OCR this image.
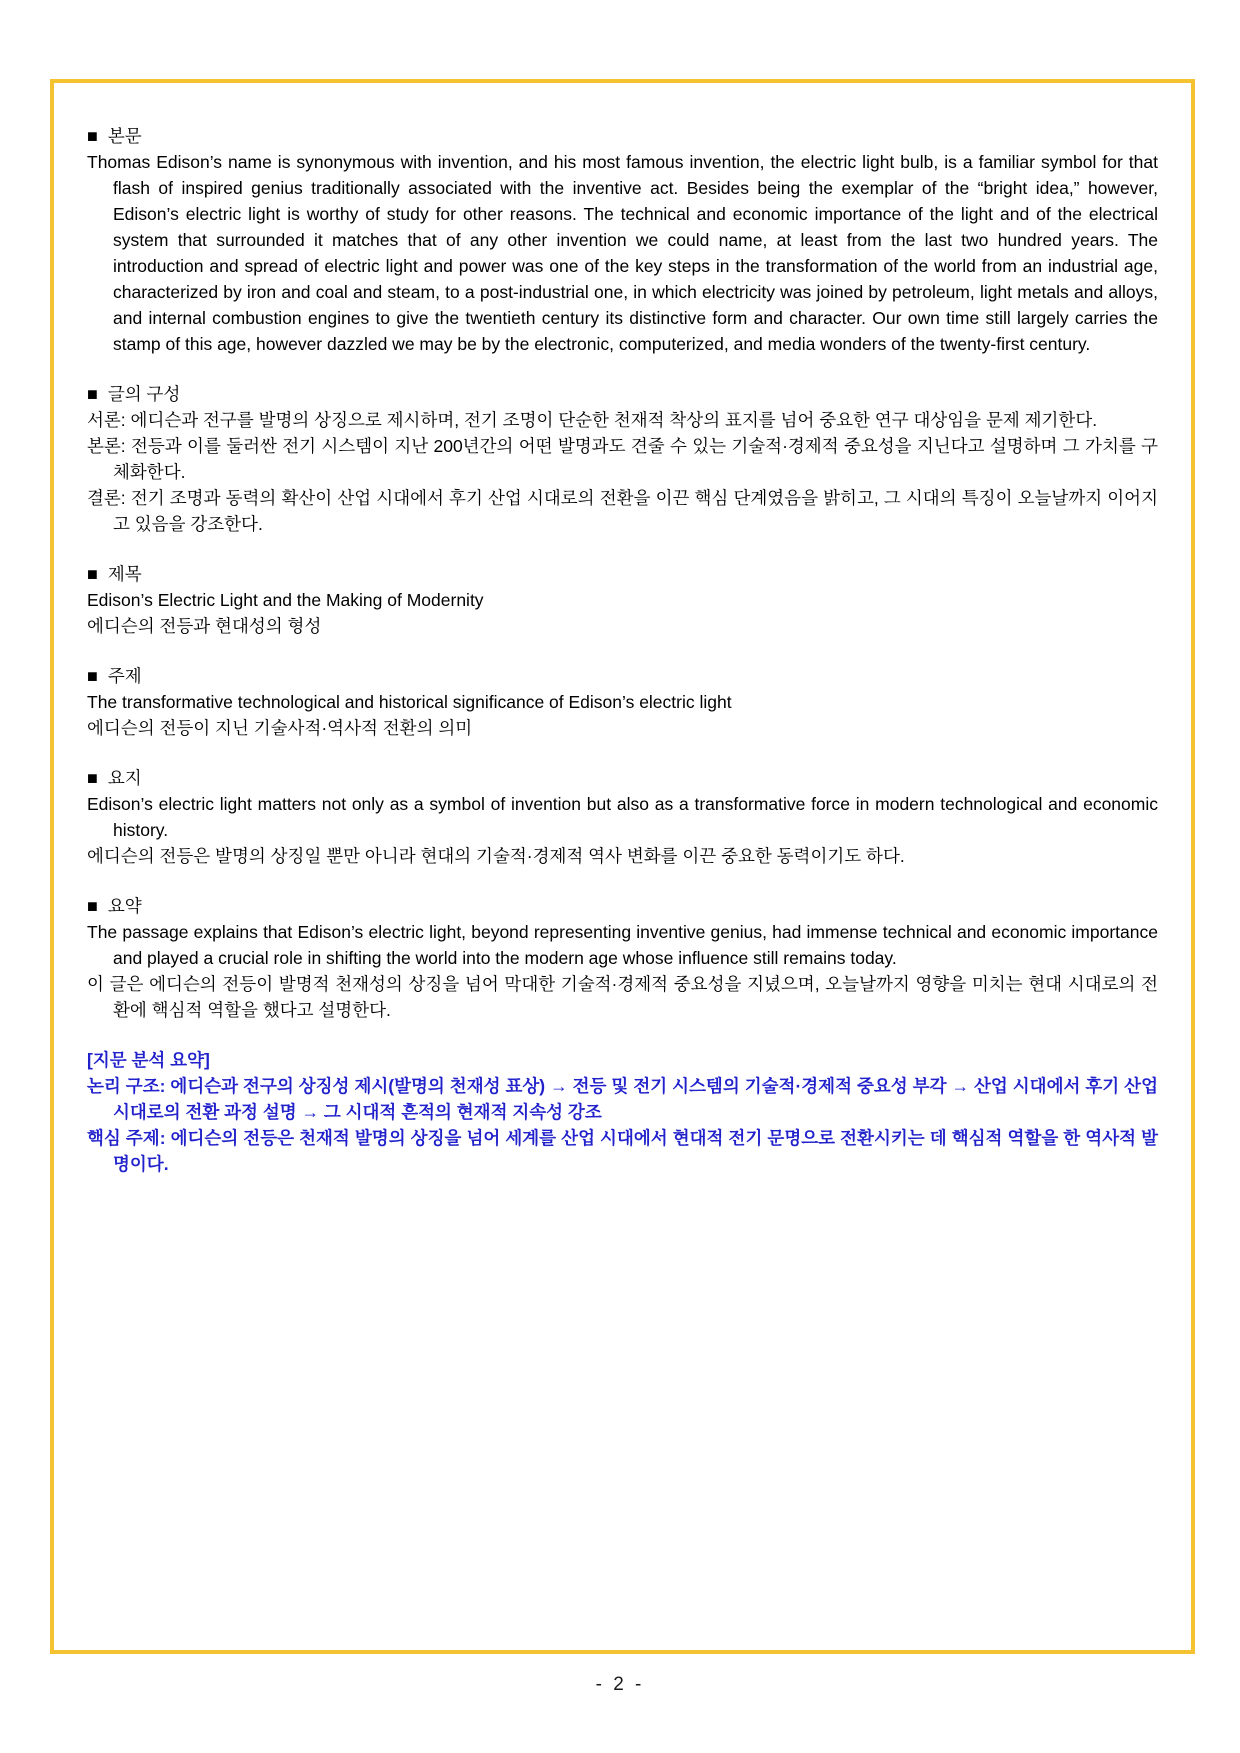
■ 본문

Thomas Edison’s name is synonymous with invention, and his most famous invention, the electric light bulb, is a familiar symbol for that flash of inspired genius traditionally associated with the inventive act. Besides being the exemplar of the “bright idea,” however, Edison’s electric light is worthy of study for other reasons. The technical and economic importance of the light and of the electrical system that surrounded it matches that of any other invention we could name, at least from the last two hundred years. The introduction and spread of electric light and power was one of the key steps in the transformation of the world from an industrial age, characterized by iron and coal and steam, to a post-industrial one, in which electricity was joined by petroleum, light metals and alloys, and internal combustion engines to give the twentieth century its distinctive form and character. Our own time still largely carries the stamp of this age, however dazzled we may be by the electronic, computerized, and media wonders of the twenty-first century.

■ 글의 구성

서론: 에디슨과 전구를 발명의 상징으로 제시하며, 전기 조명이 단순한 천재적 착상의 표지를 넘어 중요한 연구 대상임을 문제 제기한다.

본론: 전등과 이를 둘러싼 전기 시스템이 지난 200년간의 어떤 발명과도 견줄 수 있는 기술적·경제적 중요성을 지닌다고 설명하며 그 가치를 구체화한다.

결론: 전기 조명과 동력의 확산이 산업 시대에서 후기 산업 시대로의 전환을 이끈 핵심 단계였음을 밝히고, 그 시대의 특징이 오늘날까지 이어지고 있음을 강조한다.

■ 제목

Edison’s Electric Light and the Making of Modernity

에디슨의 전등과 현대성의 형성

■ 주제

The transformative technological and historical significance of Edison’s electric light

에디슨의 전등이 지닌 기술사적·역사적 전환의 의미

■ 요지

Edison’s electric light matters not only as a symbol of invention but also as a transformative force in modern technological and economic history.

에디슨의 전등은 발명의 상징일 뿐만 아니라 현대의 기술적·경제적 역사 변화를 이끈 중요한 동력이기도 하다.

■ 요약

The passage explains that Edison’s electric light, beyond representing inventive genius, had immense technical and economic importance and played a crucial role in shifting the world into the modern age whose influence still remains today.

이 글은 에디슨의 전등이 발명적 천재성의 상징을 넘어 막대한 기술적·경제적 중요성을 지녔으며, 오늘날까지 영향을 미치는 현대 시대로의 전환에 핵심적 역할을 했다고 설명한다.

[지문 분석 요약]

논리 구조: 에디슨과 전구의 상징성 제시(발명의 천재성 표상) → 전등 및 전기 시스템의 기술적·경제적 중요성 부각 → 산업 시대에서 후기 산업 시대로의 전환 과정 설명 → 그 시대적 흔적의 현재적 지속성 강조

핵심 주제: 에디슨의 전등은 천재적 발명의 상징을 넘어 세계를 산업 시대에서 현대적 전기 문명으로 전환시키는 데 핵심적 역할을 한 역사적 발명이다.

- 2 -
